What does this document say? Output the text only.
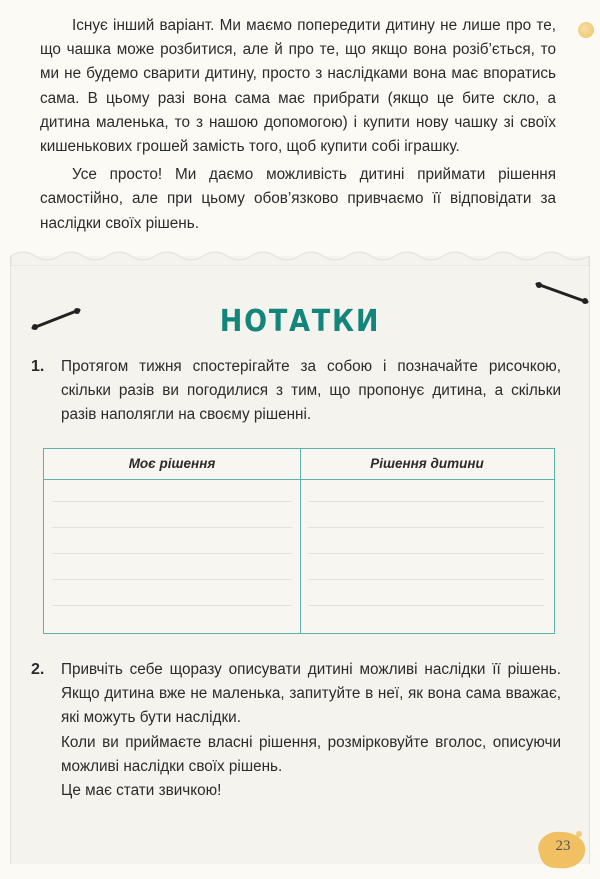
Існує інший варіант. Ми маємо попередити дитину не лише про те, що чашка може розбитися, але й про те, що якщо вона розіб’ється, то ми не будемо сварити дитину, просто з наслідками вона має впоратись сама. В цьому разі вона сама має прибрати (якщо це бите скло, а дитина маленька, то з нашою допомогою) і купити нову чашку зі своїх кишенькових грошей замість того, щоб купити собі іграшку.

Усе просто! Ми даємо можливість дитині приймати рішення самостійно, але при цьому обов’язково привчаємо її відповідати за наслідки своїх рішень.

НОТАТКИ
1. Протягом тижня спостерігайте за собою і позначайте рисочкою, скільки разів ви погодилися з тим, що пропонує дитина, а скільки разів наполягли на своєму рішенні.

Моє рішення	Рішення дитини
2. Привчіть себе щоразу описувати дитині можливі наслідки її рішень. Якщо дитина вже не маленька, запитуйте в неї, як вона сама вважає, які можуть бути наслідки.

Коли ви приймаєте власні рішення, розмірковуйте вголос, описуючи можливі наслідки своїх рішень.

Це має стати звичкою!

23
